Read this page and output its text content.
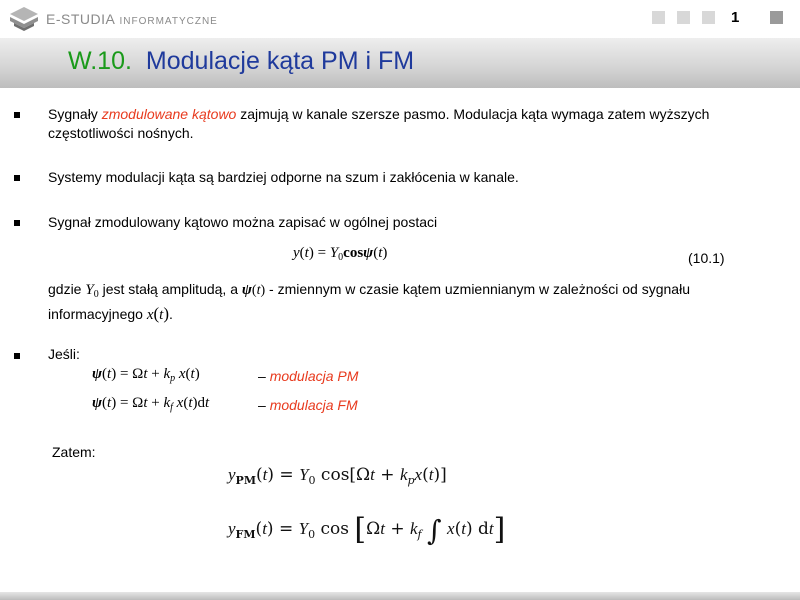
E-STUDIA INFORMATYCZNE	1
W.10. Modulacje kąta PM i FM
Sygnały zmodulowane kątowo zajmują w kanale szersze pasmo. Modulacja kąta wymaga zatem wyższych częstotliwości nośnych.
Systemy modulacji kąta są bardziej odporne na szum i zakłócenia w kanale.
Sygnał zmodulowany kątowo można zapisać w ogólnej postaci
$y(t) = Y_0\cos\psi(t)$	(10.1)
gdzie $Y_0$ jest stałą amplitudą, a ψ(t) - zmiennym w czasie kątem uzmiennianym w zależności od sygnału informacyjnego x(t).
Jeśli:
$\psi(t) = \Omega t + k_p$ x(t)	– modulacja PM
$\psi(t) = \Omega t + k_f$ x(t)dt	– modulacja FM
Zatem:
$y_{PM}(t) = Y_0$ $\cos[\Omega t + k_px(t)]$
$y_{FM}(t) = Y_0$ $\cos [\Omega t + k_f$ ∫ x(t) dt]
